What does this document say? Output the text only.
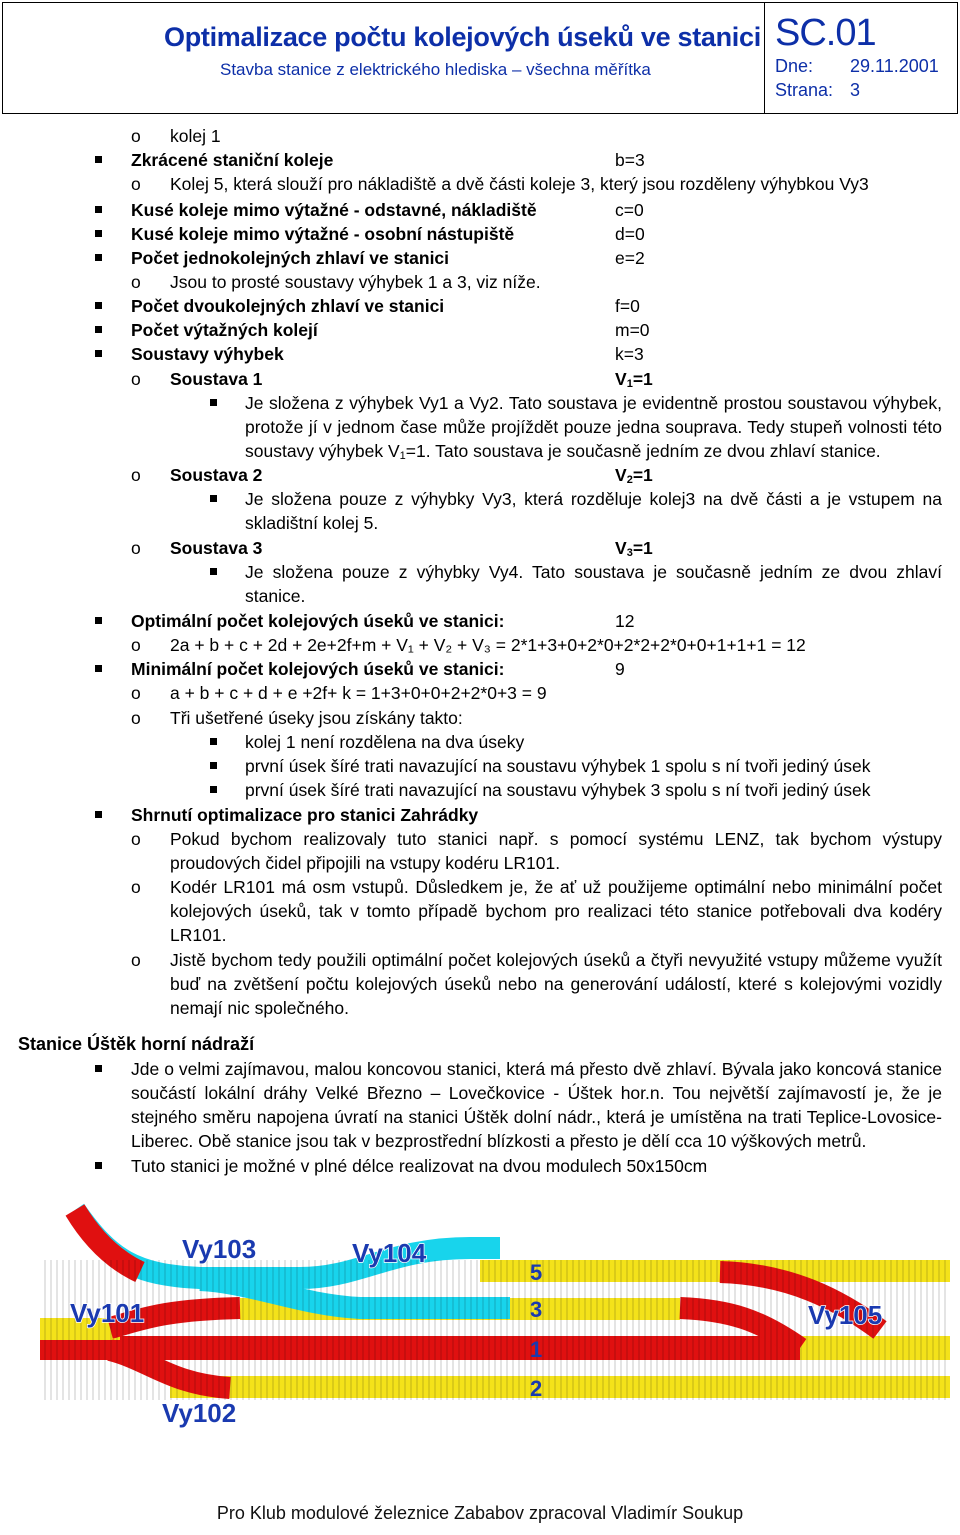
Optimalizace počtu kolejových úseků ve stanici
Stavba stanice z elektrického hlediska – všechna měřítka
SC.01
Dne: 29.11.2001
Strana: 3
o kolej 1
Zkrácené staniční koleje	b=3
o Kolej 5, která slouží pro nákladiště a dvě části koleje 3, který jsou rozděleny výhybkou Vy3
Kusé koleje mimo výtažné - odstavné, nákladiště	c=0
Kusé koleje mimo výtažné - osobní nástupiště	d=0
Počet jednokolejných zhlaví ve stanici	e=2
o Jsou to prosté soustavy výhybek 1 a 3, viz níže.
Počet dvoukolejných zhlaví ve stanici	f=0
Počet výtažných kolejí	m=0
Soustavy výhybek	k=3
o Soustava 1	$V_1=1$
Je složena z výhybek Vy1 a Vy2. Tato soustava je evidentně prostou soustavou výhybek,
protože jí v jednom čase může projíždět pouze jedna souprava. Tedy stupeň volnosti této
soustavy výhybek $V_1=1$. Tato soustava je současně jedním ze dvou zhlaví stanice.
o Soustava 2	$V_2=1$
Je složena pouze z výhybky Vy3, která rozděluje kolej3 na dvě části a je vstupem na
skladištní kolej 5.
o Soustava 3	$V_3=1$
Je složena pouze z výhybky Vy4. Tato soustava je současně jedním ze dvou zhlaví
stanice.
Optimální počet kolejových úseků ve stanici:	12
o 2a + b + c + 2d + 2e+2f+m + V₁ + V₂ + V₃ = 2*1+3+0+2*0+2*2+2*0+0+1+1+1 = 12
Minimální počet kolejových úseků ve stanici:	9
o a + b + c + d + e +2f+ k = 1+3+0+0+2+2*0+3 = 9
o Tři ušetřené úseky jsou získány takto:
kolej 1 není rozdělena na dva úseky
první úsek šíré trati navazující na soustavu výhybek 1 spolu s ní tvoři jediný úsek
první úsek šíré trati navazující na soustavu výhybek 3 spolu s ní tvoři jediný úsek
Shrnutí optimalizace pro stanici Zahrádky
o Pokud bychom realizovaly tuto stanici např. s pomocí systému LENZ, tak bychom výstupy
proudových čidel připojili na vstupy kodéru LR101.
o Kodér LR101 má osm vstupů. Důsledkem je, že ať už použijeme optimální nebo minimální počet
kolejových úseků, tak v tomto případě bychom pro realizaci této stanice potřebovali dva kodéry
LR101.
o Jistě bychom tedy použili optimální počet kolejových úseků a čtyři nevyužité vstupy můžeme využít
buď na zvětšení počtu kolejových úseků nebo na generování událostí, které s kolejovými vozidly
nemají nic společného.
Stanice Úštěk horní nádraží
Jde o velmi zajímavou, malou koncovou stanici, která má přesto dvě zhlaví. Bývala jako koncová stanice
součástí lokální dráhy Velké Březno – Lovečkovice - Úštek hor.n. Tou největší zajímavostí je, že je
stejného směru napojena úvratí na stanici Úštěk dolní nádr., která je umístěna na trati Teplice-Lovosice-
Liberec. Obě stanice jsou tak v bezprostřední blízkosti a přesto je dělí cca 10 výškových metrů.
Tuto stanici je možné v plné délce realizovat na dvou modulech 50x150cm
5
3
1
2
Vy103	Vy104
Vy101	Vy105
Vy102
Pro Klub modulové železnice Zababov zpracoval Vladimír Soukup
